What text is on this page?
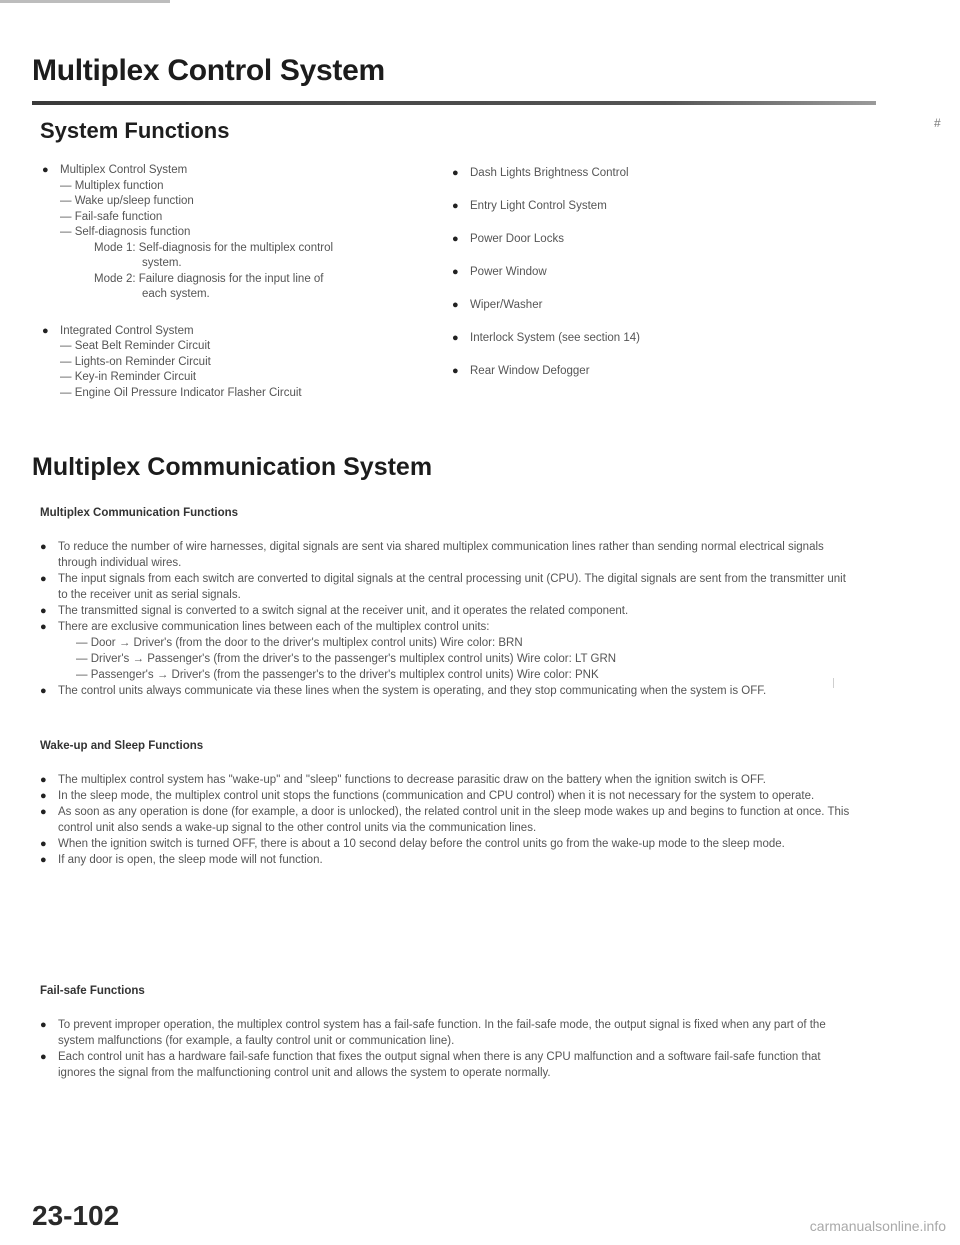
Multiplex Control System
#
System Functions
● Multiplex Control System
— Multiplex function
— Wake up/sleep function
— Fail-safe function
— Self-diagnosis function
Mode 1: Self-diagnosis for the multiplex control
system.
Mode 2: Failure diagnosis for the input line of
each system.
● Integrated Control System
— Seat Belt Reminder Circuit
— Lights-on Reminder Circuit
— Key-in Reminder Circuit
— Engine Oil Pressure Indicator Flasher Circuit
● Dash Lights Brightness Control
● Entry Light Control System
● Power Door Locks
● Power Window
● Wiper/Washer
● Interlock System (see section 14)
● Rear Window Defogger
Multiplex Communication System
Multiplex Communication Functions
● To reduce the number of wire harnesses, digital signals are sent via shared multiplex communication lines rather than sending normal electrical signals through individual wires.
● The input signals from each switch are converted to digital signals at the central processing unit (CPU). The digital signals are sent from the transmitter unit to the receiver unit as serial signals.
● The transmitted signal is converted to a switch signal at the receiver unit, and it operates the related component.
● There are exclusive communication lines between each of the multiplex control units:
— Door → Driver's (from the door to the driver's multiplex control units) Wire color: BRN
— Driver's → Passenger's (from the driver's to the passenger's multiplex control units) Wire color: LT GRN
— Passenger's → Driver's (from the passenger's to the driver's multiplex control units) Wire color: PNK
● The control units always communicate via these lines when the system is operating, and they stop communicating when the system is OFF.
Wake-up and Sleep Functions
● The multiplex control system has "wake-up" and "sleep" functions to decrease parasitic draw on the battery when the ignition switch is OFF.
● In the sleep mode, the multiplex control unit stops the functions (communication and CPU control) when it is not necessary for the system to operate.
● As soon as any operation is done (for example, a door is unlocked), the related control unit in the sleep mode wakes up and begins to function at once. This control unit also sends a wake-up signal to the other control units via the communication lines.
● When the ignition switch is turned OFF, there is about a 10 second delay before the control units go from the wake-up mode to the sleep mode.
● If any door is open, the sleep mode will not function.
Fail-safe Functions
● To prevent improper operation, the multiplex control system has a fail-safe function. In the fail-safe mode, the output signal is fixed when any part of the system malfunctions (for example, a faulty control unit or communication line).
● Each control unit has a hardware fail-safe function that fixes the output signal when there is any CPU malfunction and a software fail-safe function that ignores the signal from the malfunctioning control unit and allows the system to operate normally.
23-102	carmanualsonline.info
